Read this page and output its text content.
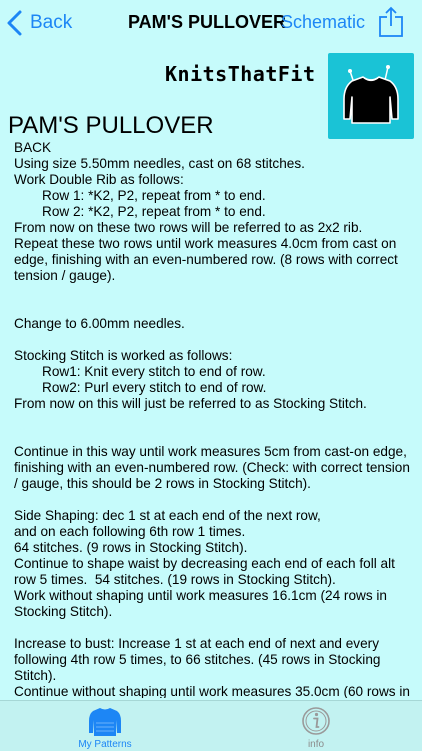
Back	PAM'S PULLOVER
Schematic
KnitsThatFit
PAM'S PULLOVER

BACK

Using size 5.50mm needles, cast on 68 stitches.

Work Double Rib as follows:

Row 1: *K2, P2, repeat from * to end.

Row 2: *K2, P2, repeat from * to end.

From now on these two rows will be referred to as 2x2 rib.

Repeat these two rows until work measures 4.0cm from cast on edge, finishing with an even-numbered row. (8 rows with correct tension / gauge).

Change to 6.00mm needles.

Stocking Stitch is worked as follows:

Row1: Knit every stitch to end of row.

Row2: Purl every stitch to end of row.

From now on this will just be referred to as Stocking Stitch.

Continue in this way until work measures 5cm from cast-on edge, finishing with an even-numbered row. (Check: with correct tension / gauge, this should be 2 rows in Stocking Stitch).

Side Shaping: dec 1 st at each end of the next row,

and on each following 6th row 1 times.

64 stitches. (9 rows in Stocking Stitch).

Continue to shape waist by decreasing each end of each foll alt row 5 times.  54 stitches. (19 rows in Stocking Stitch).

Work without shaping until work measures 16.1cm (24 rows in Stocking Stitch).

Increase to bust: Increase 1 st at each end of next and every following 4th row 5 times, to 66 stitches. (45 rows in Stocking Stitch).

Continue without shaping until work measures 35.0cm (60 rows in

My Patterns	info
